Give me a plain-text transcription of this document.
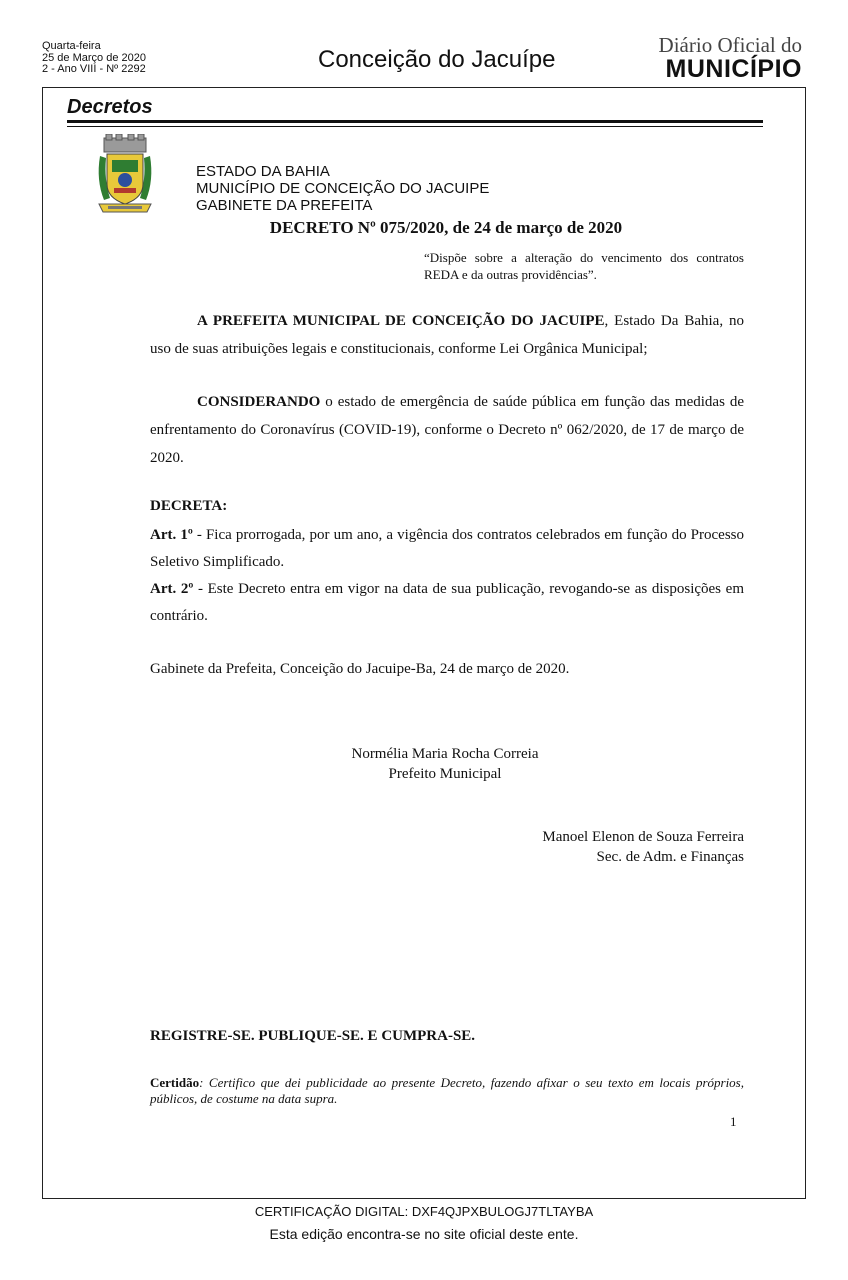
Quarta-feira
25 de Março de 2020
2 - Ano VIII - Nº 2292	Conceição do Jacuípe
Diário Oficial do
MUNICÍPIO
Decretos
ESTADO DA BAHIA
MUNICÍPIO DE CONCEIÇÃO DO JACUIPE
GABINETE DA PREFEITA
DECRETO Nº 075/2020, de 24 de março de 2020
“Dispõe sobre a alteração do vencimento dos contratos REDA e da outras providências”.
A PREFEITA MUNICIPAL DE CONCEIÇÃO DO JACUIPE, Estado Da Bahia, no uso de suas atribuições legais e constitucionais, conforme Lei Orgânica Municipal;
CONSIDERANDO o estado de emergência de saúde pública em função das medidas de enfrentamento do Coronavírus (COVID-19), conforme o Decreto nº 062/2020, de 17 de março de 2020.
DECRETA:
Art. 1º - Fica prorrogada, por um ano, a vigência dos contratos celebrados em função do Processo Seletivo Simplificado.
Art. 2º - Este Decreto entra em vigor na data de sua publicação, revogando-se as disposições em contrário.
Gabinete da Prefeita, Conceição do Jacuipe-Ba, 24 de março de 2020.
Normélia Maria Rocha Correia
Prefeito Municipal
Manoel Elenon de Souza Ferreira
Sec. de Adm. e Finanças
REGISTRE-SE. PUBLIQUE-SE. E CUMPRA-SE.
Certidão: Certifico que dei publicidade ao presente Decreto, fazendo afixar o seu texto em locais próprios, públicos, de costume na data supra.
1
CERTIFICAÇÃO DIGITAL: DXF4QJPXBULOGJ7TLTAYBA
Esta edição encontra-se no site oficial deste ente.
